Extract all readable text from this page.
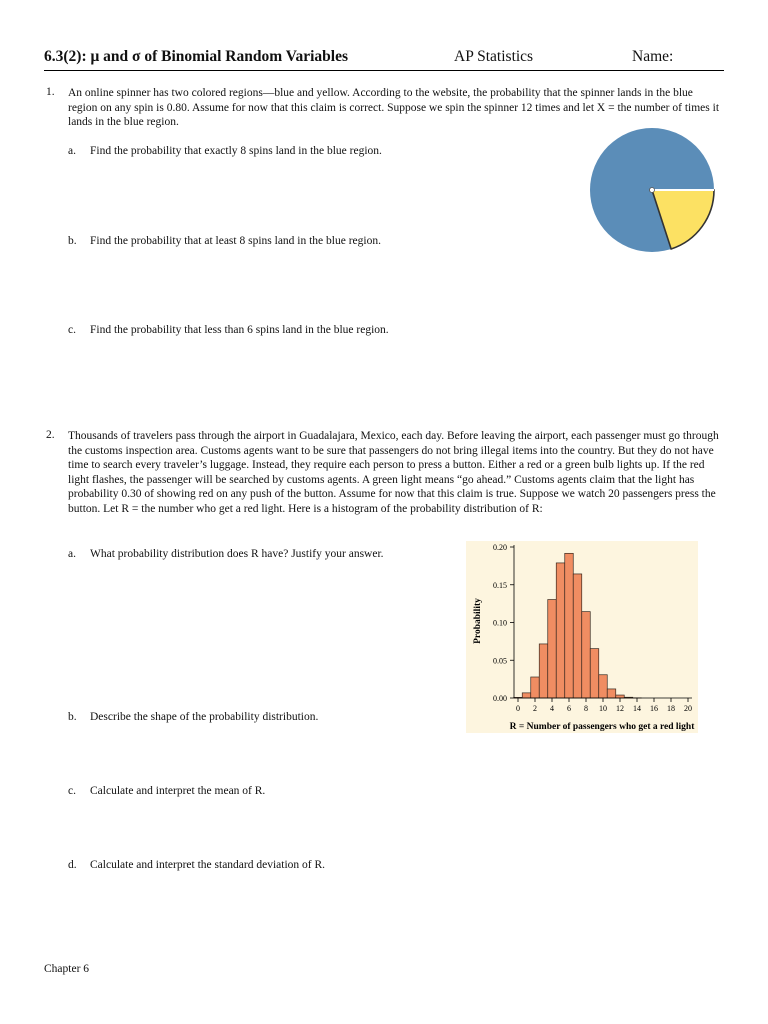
6.3(2): μ and σ of Binomial Random Variables	AP Statistics	Name:
1. An online spinner has two colored regions—blue and yellow. According to the website, the probability that the spinner lands in the blue region on any spin is 0.80. Assume for now that this claim is correct. Suppose we spin the spinner 12 times and let X = the number of times it lands in the blue region.
a. Find the probability that exactly 8 spins land in the blue region.
b. Find the probability that at least 8 spins land in the blue region.
c. Find the probability that less than 6 spins land in the blue region.
2. Thousands of travelers pass through the airport in Guadalajara, Mexico, each day. Before leaving the airport, each passenger must go through the customs inspection area. Customs agents want to be sure that passengers do not bring illegal items into the country. But they do not have time to search every traveler’s luggage. Instead, they require each person to press a button. Either a red or a green bulb lights up. If the red light flashes, the passenger will be searched by customs agents. A green light means “go ahead.” Customs agents claim that the light has probability 0.30 of showing red on any push of the button. Assume for now that this claim is true. Suppose we watch 20 passengers press the button. Let R = the number who get a red light. Here is a histogram of the probability distribution of R:
a. What probability distribution does R have? Justify your answer.
b. Describe the shape of the probability distribution.
c. Calculate and interpret the mean of R.
d. Calculate and interpret the standard deviation of R.
0.00
0.05
0.10
0.15
0.20
0 2 4 6 8 10 12 14 16 18 20
Probability
R = Number of passengers who get a red light
Chapter 6
